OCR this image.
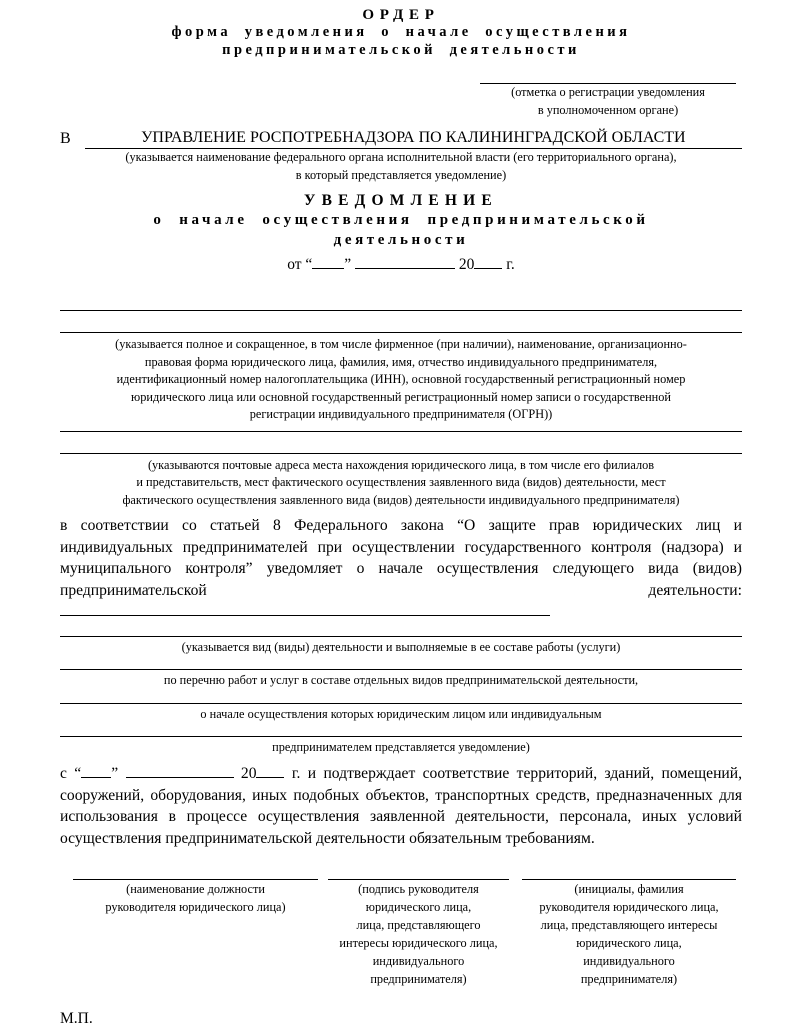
ОРДЕР
форма уведомления о начале осуществления
предпринимательской деятельности
(отметка о регистрации уведомления
в уполномоченном органе)
В	УПРАВЛЕНИЕ РОСПОТРЕБНАДЗОРА ПО КАЛИНИНГРАДСКОЙ ОБЛАСТИ
(указывается наименование федерального органа исполнительной власти (его территориального органа),
в который представляется уведомление)
УВЕДОМЛЕНИЕ
о начале осуществления предпринимательской
деятельности
от “ ”	20 г.
(указывается полное и сокращенное, в том числе фирменное (при наличии), наименование, организационно-
правовая форма юридического лица, фамилия, имя, отчество индивидуального предпринимателя,
идентификационный номер налогоплательщика (ИНН), основной государственный регистрационный номер
юридического лица или основной государственный регистрационный номер записи о государственной
регистрации индивидуального предпринимателя (ОГРН))
(указываются почтовые адреса места нахождения юридического лица, в том числе его филиалов
и представительств, мест фактического осуществления заявленного вида (видов) деятельности, мест
фактического осуществления заявленного вида (видов) деятельности индивидуального предпринимателя)

в соответствии со статьей 8 Федерального закона “О защите прав юридических лиц и индивидуальных предпринимателей при осуществлении государственного контроля (надзора) и муниципального контроля” уведомляет о начале осуществления следующего вида (видов) предпринимательской деятельности:

(указывается вид (виды) деятельности и выполняемые в ее составе работы (услуги)
по перечню работ и услуг в составе отдельных видов предпринимательской деятельности,
о начале осуществления которых юридическим лицом или индивидуальным
предпринимателем представляется уведомление)

с “ ”	20 г. и подтверждает соответствие территорий, зданий, помещений, сооружений, оборудования, иных подобных объектов, транспортных средств, предназначенных для использования в процессе осуществления заявленной деятельности, персонала, иных условий осуществления предпринимательской деятельности обязательным требованиям.

(наименование должности
руководителя юридического лица)
(подпись руководителя
юридического лица,
лица, представляющего
интересы юридического лица,
индивидуального
предпринимателя)
(инициалы, фамилия
руководителя юридического лица,
лица, представляющего интересы
юридического лица,
индивидуального
предпринимателя)
М.П.
